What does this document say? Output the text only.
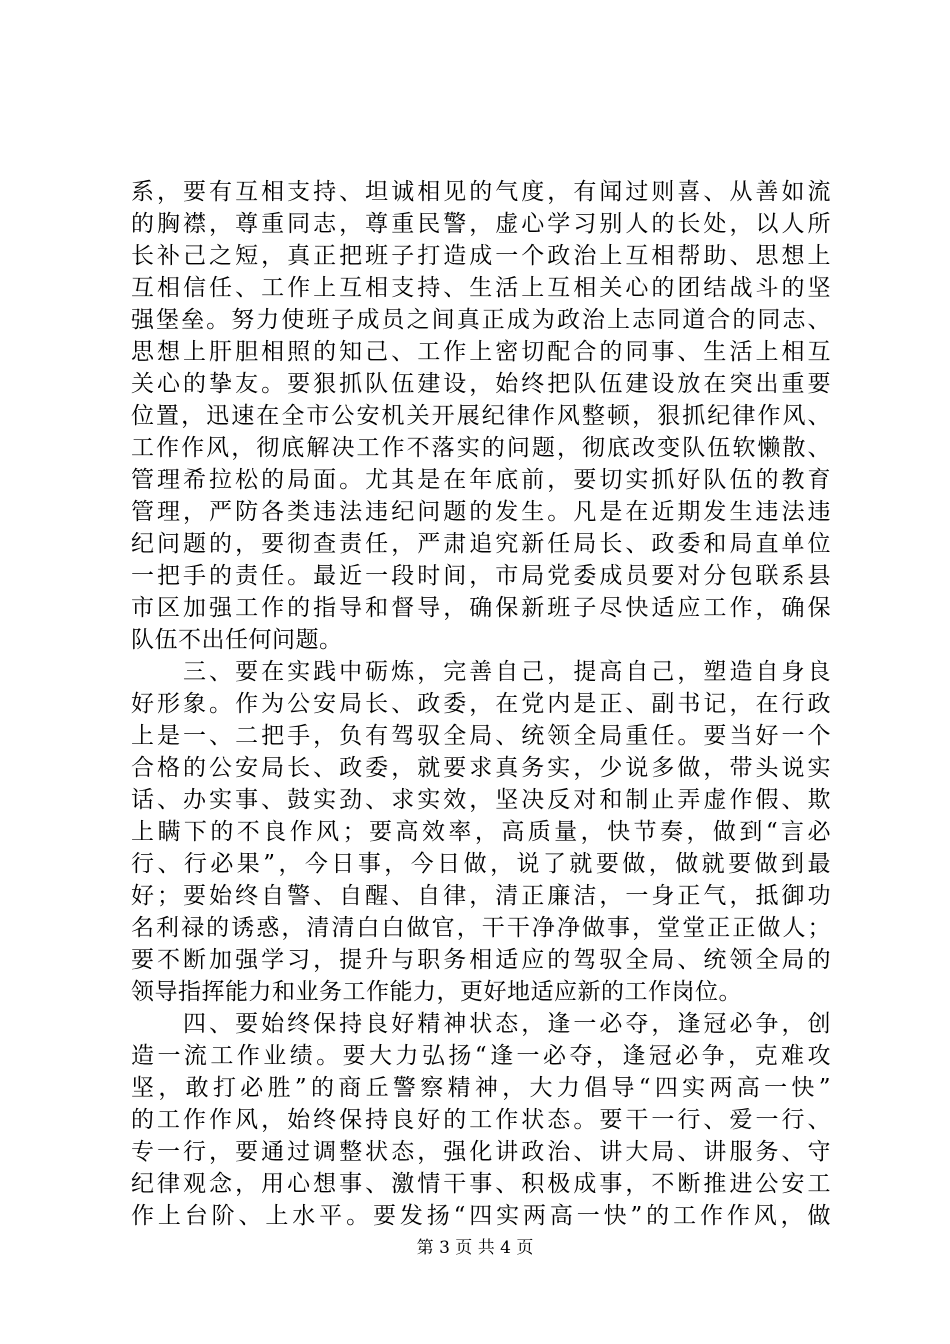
系，要有互相支持、坦诚相见的气度，有闻过则喜、从善如流
的胸襟，尊重同志，尊重民警，虚心学习别人的长处，以人所
长补己之短，真正把班子打造成一个政治上互相帮助、思想上
互相信任、工作上互相支持、生活上互相关心的团结战斗的坚
强堡垒。努力使班子成员之间真正成为政治上志同道合的同志、
思想上肝胆相照的知己、工作上密切配合的同事、生活上相互
关心的挚友。要狠抓队伍建设，始终把队伍建设放在突出重要
位置，迅速在全市公安机关开展纪律作风整顿，狠抓纪律作风、
工作作风，彻底解决工作不落实的问题，彻底改变队伍软懒散、
管理希拉松的局面。尤其是在年底前，要切实抓好队伍的教育
管理，严防各类违法违纪问题的发生。凡是在近期发生违法违
纪问题的，要彻查责任，严肃追究新任局长、政委和局直单位
一把手的责任。最近一段时间，市局党委成员要对分包联系县
市区加强工作的指导和督导，确保新班子尽快适应工作，确保
队伍不出任何问题。
　　三、要在实践中砺炼，完善自己，提高自己，塑造自身良
好形象。作为公安局长、政委，在党内是正、副书记，在行政
上是一、二把手，负有驾驭全局、统领全局重任。要当好一个
合格的公安局长、政委，就要求真务实，少说多做，带头说实
话、办实事、鼓实劲、求实效，坚决反对和制止弄虚作假、欺
上瞒下的不良作风；要高效率，高质量，快节奏，做到“言必
行、行必果”，今日事，今日做，说了就要做，做就要做到最
好；要始终自警、自醒、自律，清正廉洁，一身正气，抵御功
名利禄的诱惑，清清白白做官，干干净净做事，堂堂正正做人；
要不断加强学习，提升与职务相适应的驾驭全局、统领全局的
领导指挥能力和业务工作能力，更好地适应新的工作岗位。
　　四、要始终保持良好精神状态，逢一必夺，逢冠必争，创
造一流工作业绩。要大力弘扬“逢一必夺，逢冠必争，克难攻
坚，敢打必胜”的商丘警察精神，大力倡导“四实两高一快”
的工作作风，始终保持良好的工作状态。要干一行、爱一行、
专一行，要通过调整状态，强化讲政治、讲大局、讲服务、守
纪律观念，用心想事、激情干事、积极成事，不断推进公安工
作上台阶、上水平。要发扬“四实两高一快”的工作作风，做
第 3 页 共 4 页
